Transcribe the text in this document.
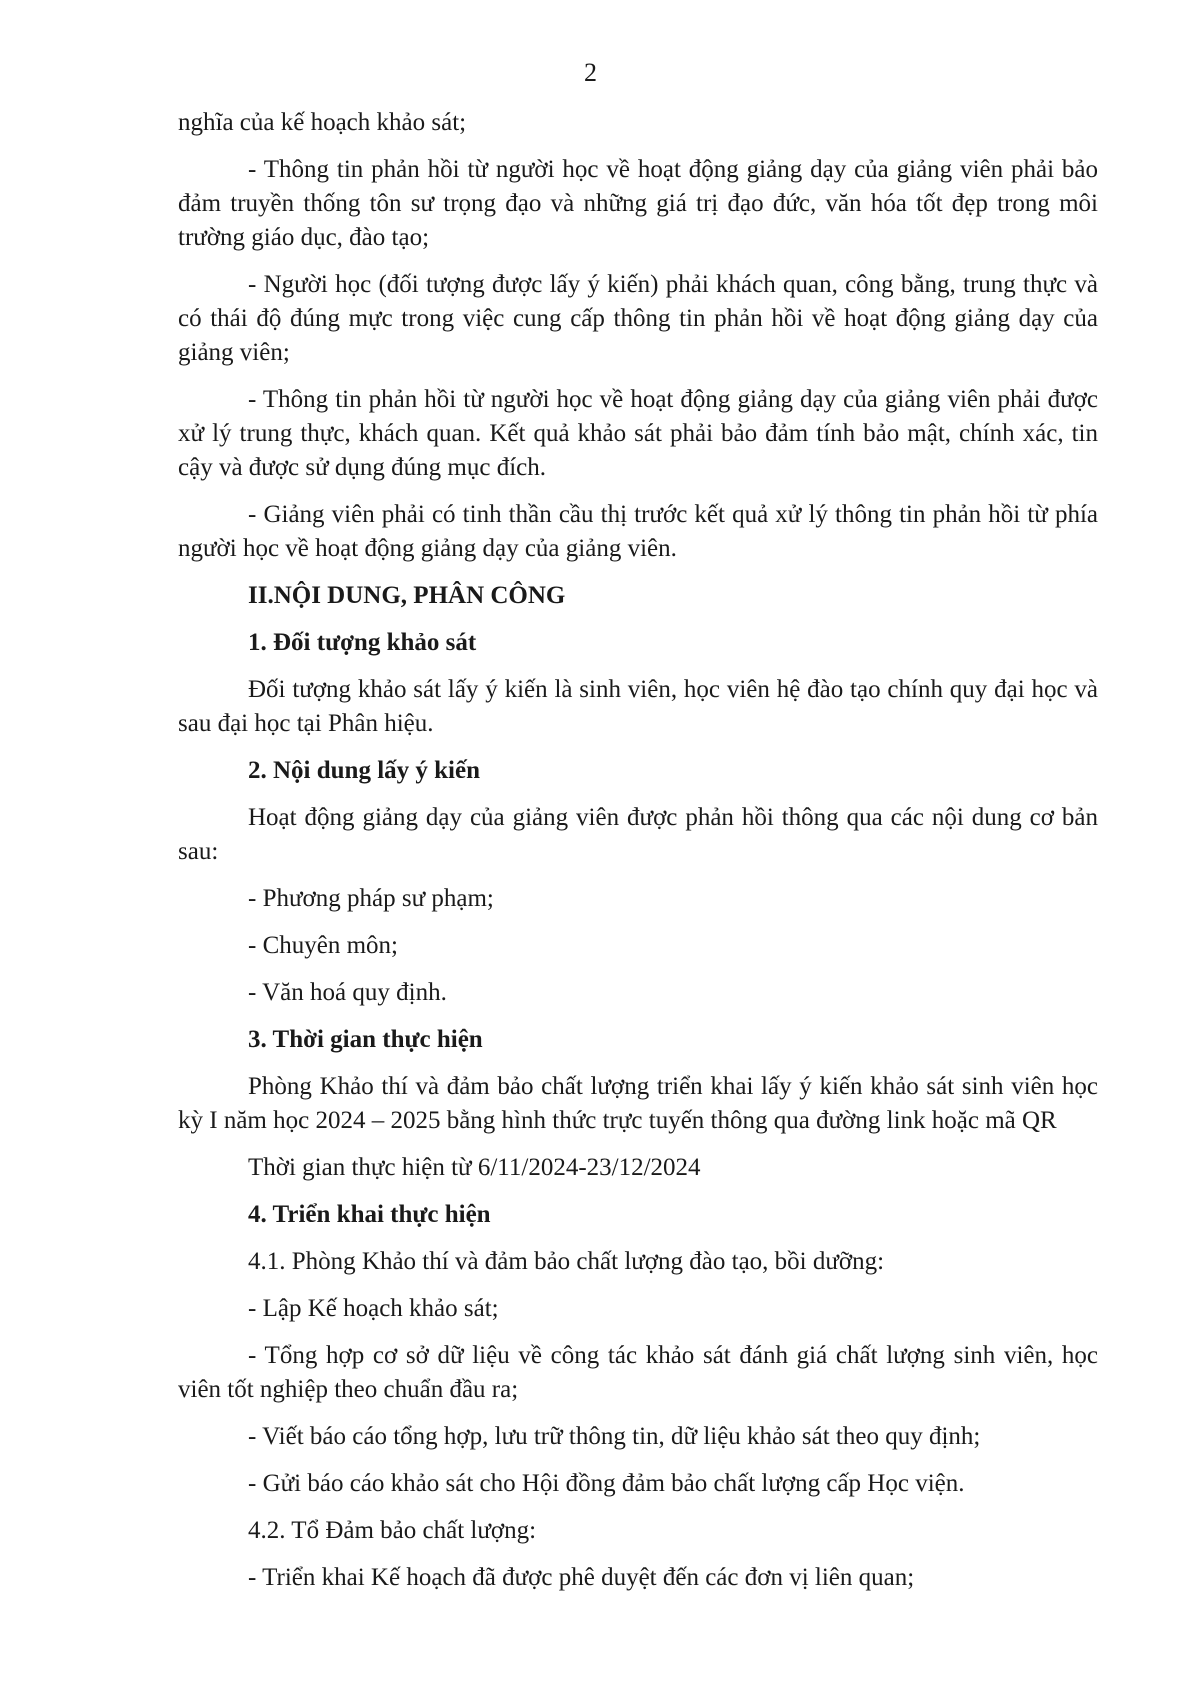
2

nghĩa của kế hoạch khảo sát;

- Thông tin phản hồi từ người học về hoạt động giảng dạy của giảng viên phải bảo đảm truyền thống tôn sư trọng đạo và những giá trị đạo đức, văn hóa tốt đẹp trong môi trường giáo dục, đào tạo;

- Người học (đối tượng được lấy ý kiến) phải khách quan, công bằng, trung thực và có thái độ đúng mực trong việc cung cấp thông tin phản hồi về hoạt động giảng dạy của giảng viên;

- Thông tin phản hồi từ người học về hoạt động giảng dạy của giảng viên phải được xử lý trung thực, khách quan. Kết quả khảo sát phải bảo đảm tính bảo mật, chính xác, tin cậy và được sử dụng đúng mục đích.

- Giảng viên phải có tinh thần cầu thị trước kết quả xử lý thông tin phản hồi từ phía người học về hoạt động giảng dạy của giảng viên.

II.NỘI DUNG, PHÂN CÔNG

1. Đối tượng khảo sát

Đối tượng khảo sát lấy ý kiến là sinh viên, học viên hệ đào tạo chính quy đại học và sau đại học tại Phân hiệu.

2. Nội dung lấy ý kiến

Hoạt động giảng dạy của giảng viên được phản hồi thông qua các nội dung cơ bản sau:

- Phương pháp sư phạm;

- Chuyên môn;

- Văn hoá quy định.

3. Thời gian thực hiện

Phòng Khảo thí và đảm bảo chất lượng triển khai lấy ý kiến khảo sát sinh viên học kỳ I năm học 2024 – 2025 bằng hình thức trực tuyến thông qua đường link hoặc mã QR

Thời gian thực hiện từ 6/11/2024-23/12/2024

4. Triển khai thực hiện

4.1. Phòng Khảo thí và đảm bảo chất lượng đào tạo, bồi dưỡng:

- Lập Kế hoạch khảo sát;

- Tổng hợp cơ sở dữ liệu về công tác khảo sát đánh giá chất lượng sinh viên, học viên tốt nghiệp theo chuẩn đầu ra;

- Viết báo cáo tổng hợp, lưu trữ thông tin, dữ liệu khảo sát theo quy định;

- Gửi báo cáo khảo sát cho Hội đồng đảm bảo chất lượng cấp Học viện.

4.2. Tổ Đảm bảo chất lượng:

- Triển khai Kế hoạch đã được phê duyệt đến các đơn vị liên quan;
